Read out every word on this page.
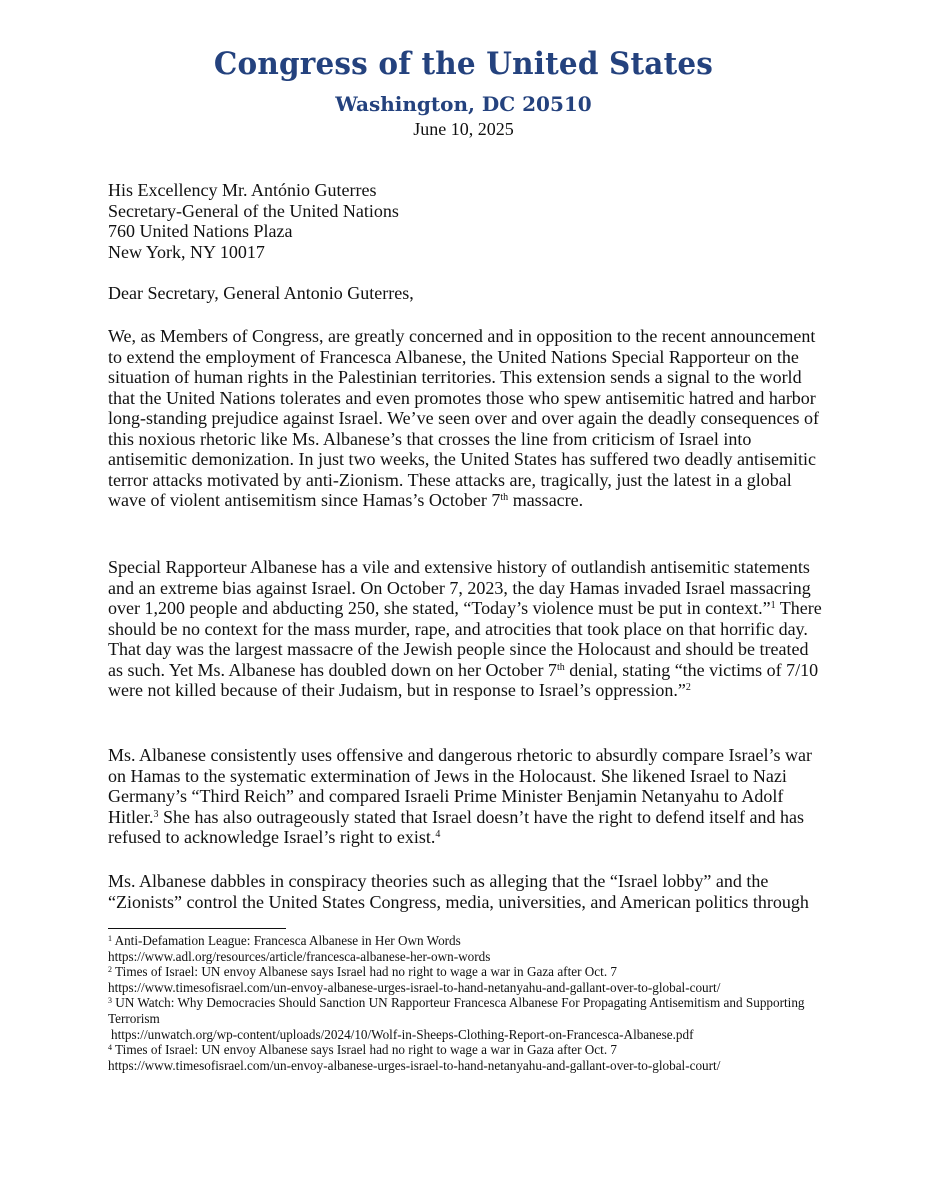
Congress of the United States
Washington, DC 20510
June 10, 2025
His Excellency Mr. António Guterres
Secretary-General of the United Nations
760 United Nations Plaza
New York, NY 10017
Dear Secretary, General Antonio Guterres,

We, as Members of Congress, are greatly concerned and in opposition to the recent announcement to extend the employment of Francesca Albanese, the United Nations Special Rapporteur on the situation of human rights in the Palestinian territories. This extension sends a signal to the world that the United Nations tolerates and even promotes those who spew antisemitic hatred and harbor long-standing prejudice against Israel. We’ve seen over and over again the deadly consequences of this noxious rhetoric like Ms. Albanese’s that crosses the line from criticism of Israel into antisemitic demonization. In just two weeks, the United States has suffered two deadly antisemitic terror attacks motivated by anti-Zionism. These attacks are, tragically, just the latest in a global wave of violent antisemitism since Hamas’s October 7th massacre.

Special Rapporteur Albanese has a vile and extensive history of outlandish antisemitic statements and an extreme bias against Israel. On October 7, 2023, the day Hamas invaded Israel massacring over 1,200 people and abducting 250, she stated, “Today’s violence must be put in context.”$^1$ There should be no context for the mass murder, rape, and atrocities that took place on that horrific day. That day was the largest massacre of the Jewish people since the Holocaust and should be treated as such. Yet Ms. Albanese has doubled down on her October 7th denial, stating “the victims of 7/10 were not killed because of their Judaism, but in response to Israel’s oppression.”$^2$

Ms. Albanese consistently uses offensive and dangerous rhetoric to absurdly compare Israel’s war on Hamas to the systematic extermination of Jews in the Holocaust. She likened Israel to Nazi Germany’s “Third Reich” and compared Israeli Prime Minister Benjamin Netanyahu to Adolf Hitler.$^3$ She has also outrageously stated that Israel doesn’t have the right to defend itself and has refused to acknowledge Israel’s right to exist.$^4$

Ms. Albanese dabbles in conspiracy theories such as alleging that the “Israel lobby” and the “Zionists” control the United States Congress, media, universities, and American politics through

$^1$ Anti-Defamation League: Francesca Albanese in Her Own Words
https://www.adl.org/resources/article/francesca-albanese-her-own-words

$^2$ Times of Israel: UN envoy Albanese says Israel had no right to wage a war in Gaza after Oct. 7
https://www.timesofisrael.com/un-envoy-albanese-urges-israel-to-hand-netanyahu-and-gallant-over-to-global-court/

$^3$ UN Watch: Why Democracies Should Sanction UN Rapporteur Francesca Albanese For Propagating Antisemitism and Supporting Terrorism
https://unwatch.org/wp-content/uploads/2024/10/Wolf-in-Sheeps-Clothing-Report-on-Francesca-Albanese.pdf

$^4$ Times of Israel: UN envoy Albanese says Israel had no right to wage a war in Gaza after Oct. 7
https://www.timesofisrael.com/un-envoy-albanese-urges-israel-to-hand-netanyahu-and-gallant-over-to-global-court/
